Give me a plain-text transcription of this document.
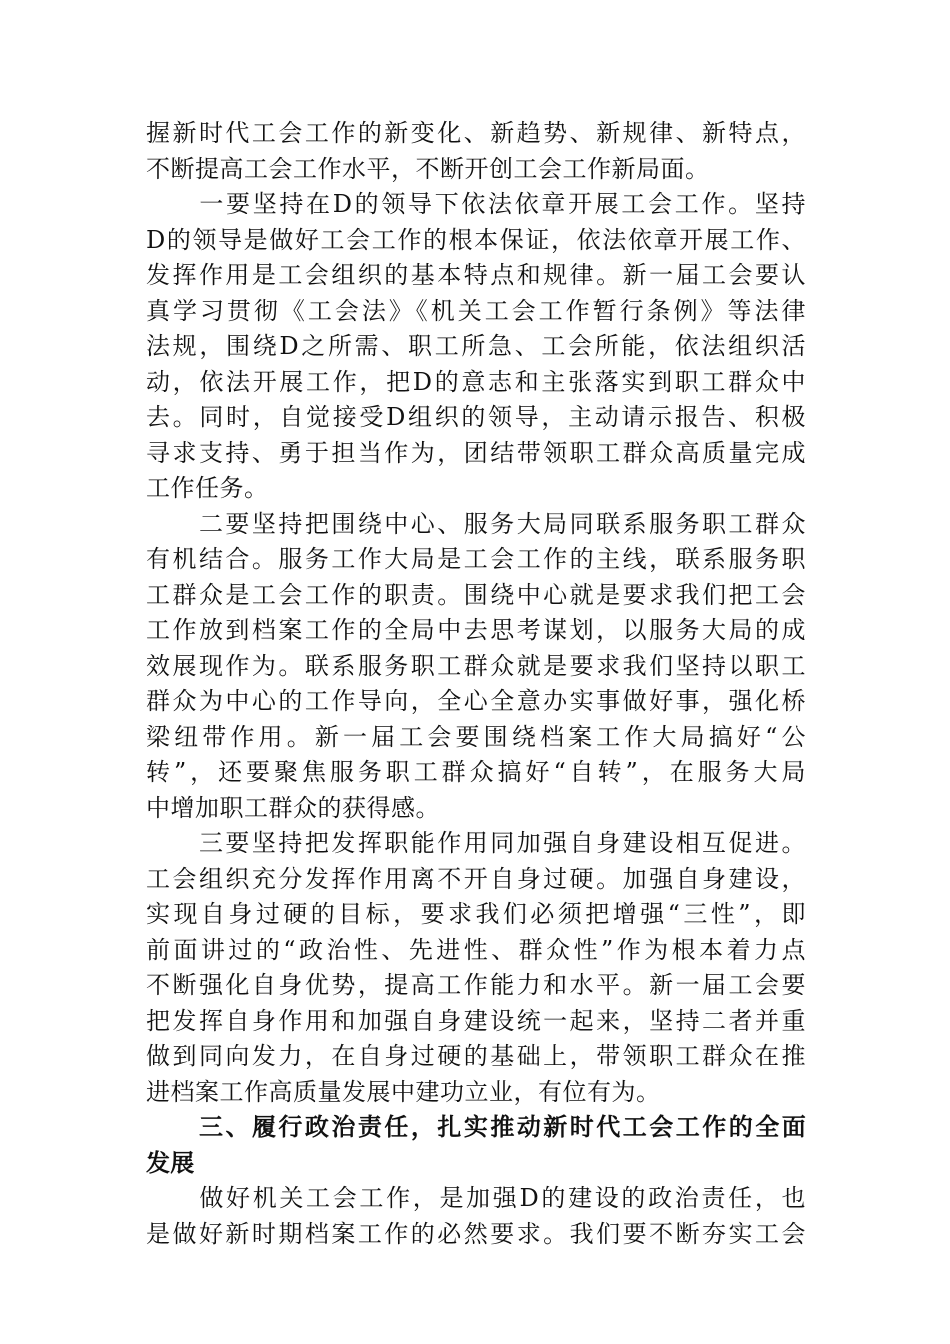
握新时代工会工作的新变化、新趋势、新规律、新特点，
不断提高工会工作水平，不断开创工会工作新局面。
　　一要坚持在D的领导下依法依章开展工会工作。坚持
D的领导是做好工会工作的根本保证，依法依章开展工作、
发挥作用是工会组织的基本特点和规律。新一届工会要认
真学习贯彻《工会法》《机关工会工作暂行条例》等法律
法规，围绕D之所需、职工所急、工会所能，依法组织活
动，依法开展工作，把D的意志和主张落实到职工群众中
去。同时，自觉接受D组织的领导，主动请示报告、积极
寻求支持、勇于担当作为，团结带领职工群众高质量完成
工作任务。
　　二要坚持把围绕中心、服务大局同联系服务职工群众
有机结合。服务工作大局是工会工作的主线，联系服务职
工群众是工会工作的职责。围绕中心就是要求我们把工会
工作放到档案工作的全局中去思考谋划，以服务大局的成
效展现作为。联系服务职工群众就是要求我们坚持以职工
群众为中心的工作导向，全心全意办实事做好事，强化桥
梁纽带作用。新一届工会要围绕档案工作大局搞好“公
转”，还要聚焦服务职工群众搞好“自转”，在服务大局
中增加职工群众的获得感。
　　三要坚持把发挥职能作用同加强自身建设相互促进。
工会组织充分发挥作用离不开自身过硬。加强自身建设，
实现自身过硬的目标，要求我们必须把增强“三性”，即
前面讲过的“政治性、先进性、群众性”作为根本着力点
不断强化自身优势，提高工作能力和水平。新一届工会要
把发挥自身作用和加强自身建设统一起来，坚持二者并重
做到同向发力，在自身过硬的基础上，带领职工群众在推
进档案工作高质量发展中建功立业，有位有为。
　　三、履行政治责任，扎实推动新时代工会工作的全面
发展
　　做好机关工会工作，是加强D的建设的政治责任，也
是做好新时期档案工作的必然要求。我们要不断夯实工会
